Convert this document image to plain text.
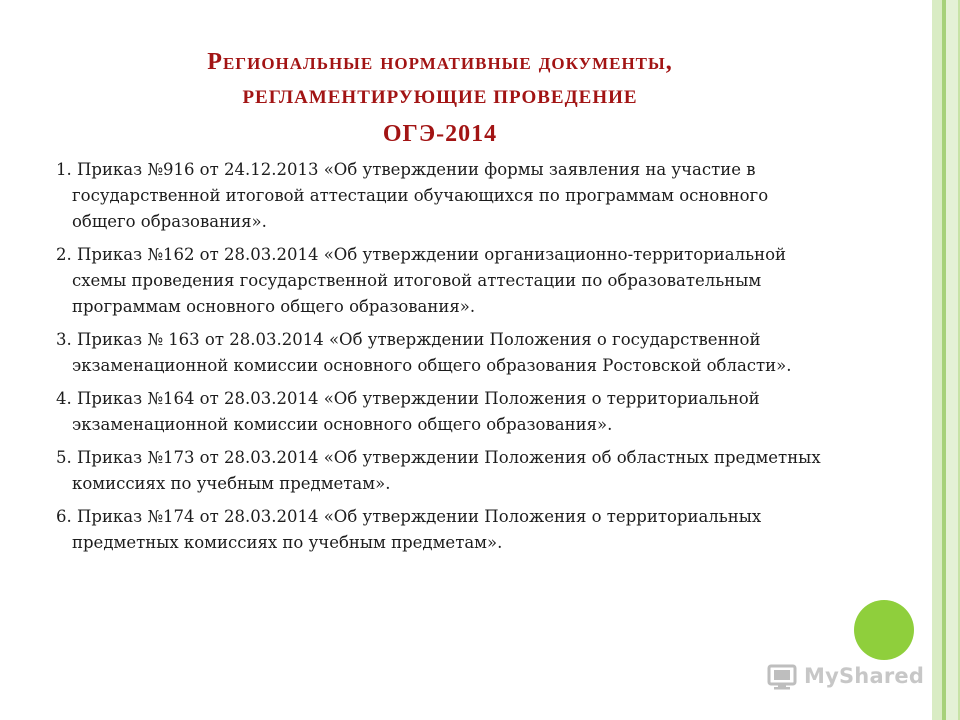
Региональные нормативные документы,
РЕГЛАМЕНТИРУЮЩИЕ ПРОВЕДЕНИЕ
ОГЭ-2014
1. Приказ №916 от 24.12.2013 «Об утверждении формы заявления на участие в государственной итоговой аттестации обучающихся по программам основного общего образования».
2. Приказ №162 от 28.03.2014 «Об утверждении организационно-территориальной схемы проведения государственной итоговой аттестации по образовательным программам основного общего образования».
3. Приказ № 163 от 28.03.2014 «Об утверждении Положения о государственной экзаменационной комиссии основного общего образования Ростовской области».
4. Приказ №164 от 28.03.2014 «Об утверждении Положения о территориальной экзаменационной комиссии основного общего образования».
5. Приказ №173 от 28.03.2014 «Об утверждении Положения об областных предметных комиссиях по учебным предметам».
6. Приказ №174 от 28.03.2014 «Об утверждении Положения о территориальных предметных комиссиях по учебным предметам».
MyShared
